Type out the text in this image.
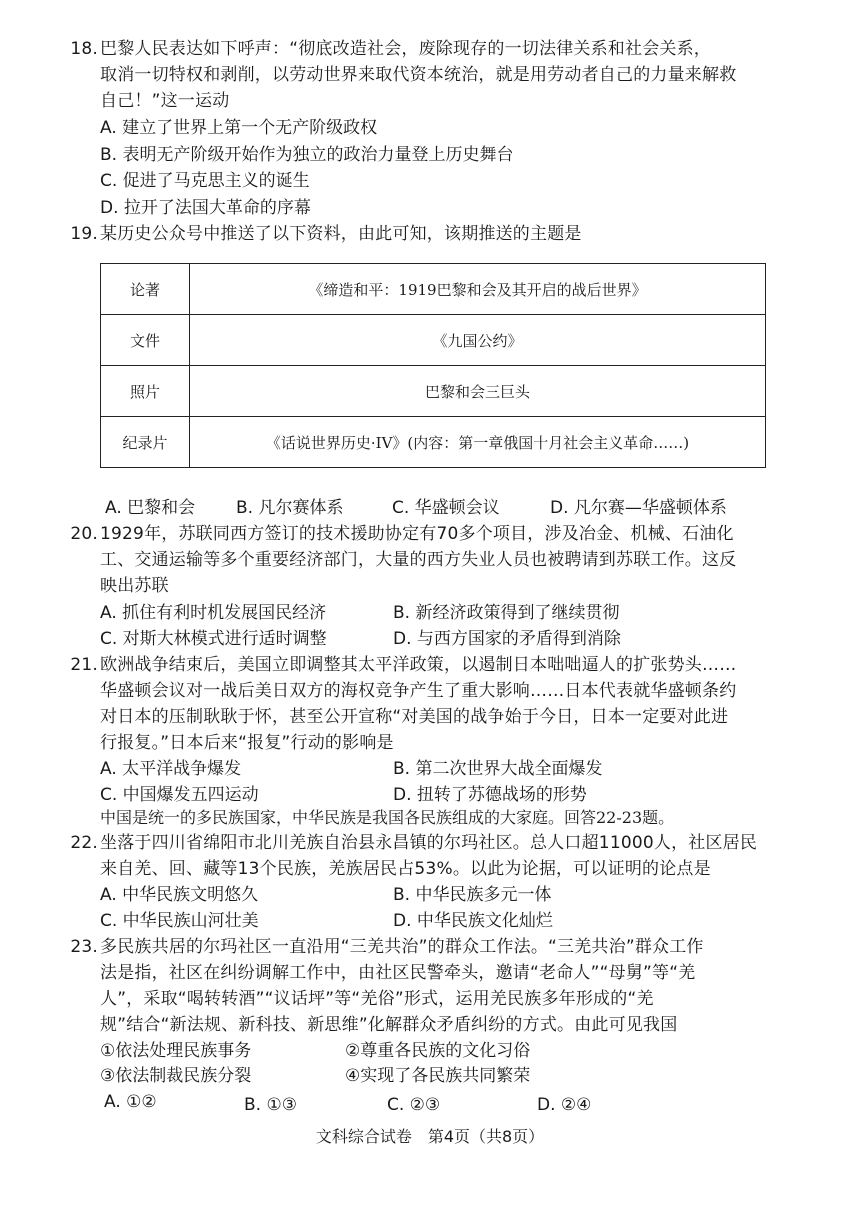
18. 巴黎人民表达如下呼声：“彻底改造社会，废除现存的一切法律关系和社会关系，
取消一切特权和剥削，以劳动世界来取代资本统治，就是用劳动者自己的力量来解救
自己！”这一运动
A. 建立了世界上第一个无产阶级政权
B. 表明无产阶级开始作为独立的政治力量登上历史舞台
C. 促进了马克思主义的诞生
D. 拉开了法国大革命的序幕
19. 某历史公众号中推送了以下资料，由此可知，该期推送的主题是
论著	《缔造和平：1919巴黎和会及其开启的战后世界》
文件	《九国公约》
照片	巴黎和会三巨头
纪录片	《话说世界历史·IV》(内容：第一章俄国十月社会主义革命……)
A. 巴黎和会 B. 凡尔赛体系	C. 华盛顿会议	D. 凡尔赛—华盛顿体系
20. 1929年，苏联同西方签订的技术援助协定有70多个项目，涉及冶金、机械、石油化
工、交通运输等多个重要经济部门，大量的西方失业人员也被聘请到苏联工作。这反
映出苏联
A. 抓住有利时机发展国民经济	B. 新经济政策得到了继续贯彻
C. 对斯大林模式进行适时调整	D. 与西方国家的矛盾得到消除
21. 欧洲战争结束后，美国立即调整其太平洋政策，以遏制日本咄咄逼人的扩张势头……
华盛顿会议对一战后美日双方的海权竞争产生了重大影响……日本代表就华盛顿条约
对日本的压制耿耿于怀，甚至公开宣称“对美国的战争始于今日，日本一定要对此进
行报复。”日本后来“报复”行动的影响是
A. 太平洋战争爆发	B. 第二次世界大战全面爆发
C. 中国爆发五四运动	D. 扭转了苏德战场的形势
中国是统一的多民族国家，中华民族是我国各民族组成的大家庭。回答22-23题。
22. 坐落于四川省绵阳市北川羌族自治县永昌镇的尔玛社区。总人口超11000人，社区居民
来自羌、回、藏等13个民族，羌族居民占53%。以此为论据，可以证明的论点是
A. 中华民族文明悠久	B. 中华民族多元一体
C. 中华民族山河壮美	D. 中华民族文化灿烂
23. 多民族共居的尔玛社区一直沿用“三羌共治”的群众工作法。“三羌共治”群众工作
法是指，社区在纠纷调解工作中，由社区民警牵头，邀请“老命人”“母舅”等“羌
人”，采取“喝转转酒”“议话坪”等“羌俗”形式，运用羌民族多年形成的“羌
规”结合“新法规、新科技、新思维”化解群众矛盾纠纷的方式。由此可见我国
①依法处理民族事务	②尊重各民族的文化习俗
③依法制裁民族分裂	④实现了各民族共同繁荣
A. ①②	B. ①③	C. ②③	D. ②④
文科综合试卷　第4页（共8页）
